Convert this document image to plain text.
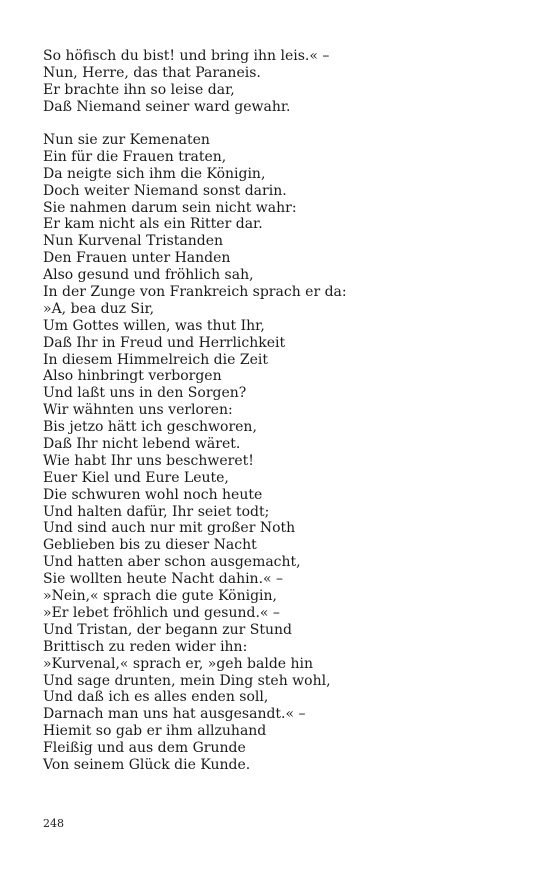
So höfisch du bist! und bring ihn leis.« –
Nun, Herre, das that Paraneis.
Er brachte ihn so leise dar,
Daß Niemand seiner ward gewahr.
Nun sie zur Kemenaten
Ein für die Frauen traten,
Da neigte sich ihm die Königin,
Doch weiter Niemand sonst darin.
Sie nahmen darum sein nicht wahr:
Er kam nicht als ein Ritter dar.
Nun Kurvenal Tristanden
Den Frauen unter Handen
Also gesund und fröhlich sah,
In der Zunge von Frankreich sprach er da:
»A, bea duz Sir,
Um Gottes willen, was thut Ihr,
Daß Ihr in Freud und Herrlichkeit
In diesem Himmelreich die Zeit
Also hinbringt verborgen
Und laßt uns in den Sorgen?
Wir wähnten uns verloren:
Bis jetzo hätt ich geschworen,
Daß Ihr nicht lebend wäret.
Wie habt Ihr uns beschweret!
Euer Kiel und Eure Leute,
Die schwuren wohl noch heute
Und halten dafür, Ihr seiet todt;
Und sind auch nur mit großer Noth
Geblieben bis zu dieser Nacht
Und hatten aber schon ausgemacht,
Sie wollten heute Nacht dahin.« –
»Nein,« sprach die gute Königin,
»Er lebet fröhlich und gesund.« –
Und Tristan, der begann zur Stund
Brittisch zu reden wider ihn:
»Kurvenal,« sprach er, »geh balde hin
Und sage drunten, mein Ding steh wohl,
Und daß ich es alles enden soll,
Darnach man uns hat ausgesandt.« –
Hiemit so gab er ihm allzuhand
Fleißig und aus dem Grunde
Von seinem Glück die Kunde.
248
